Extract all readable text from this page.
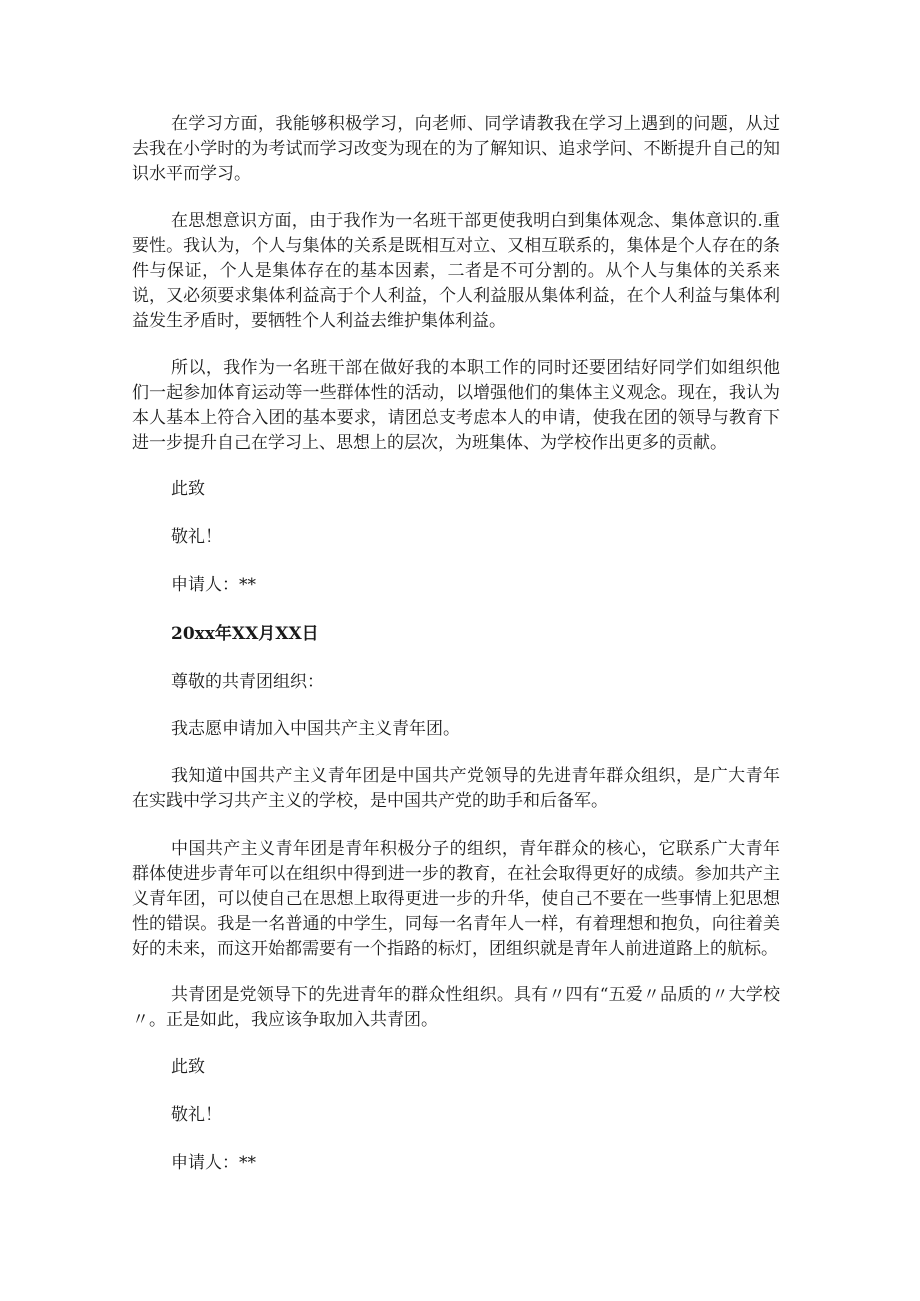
在学习方面，我能够积极学习，向老师、同学请教我在学习上遇到的问题，从过去我在小学时的为考试而学习改变为现在的为了解知识、追求学问、不断提升自己的知识水平而学习。

在思想意识方面，由于我作为一名班干部更使我明白到集体观念、集体意识的.重要性。我认为，个人与集体的关系是既相互对立、又相互联系的，集体是个人存在的条件与保证，个人是集体存在的基本因素，二者是不可分割的。从个人与集体的关系来说，又必须要求集体利益高于个人利益，个人利益服从集体利益，在个人利益与集体利益发生矛盾时，要牺牲个人利益去维护集体利益。

所以，我作为一名班干部在做好我的本职工作的同时还要团结好同学们如组织他们一起参加体育运动等一些群体性的活动，以增强他们的集体主义观念。现在，我认为本人基本上符合入团的基本要求，请团总支考虑本人的申请，使我在团的领导与教育下进一步提升自己在学习上、思想上的层次，为班集体、为学校作出更多的贡献。

此致

敬礼！

申请人：**

20xx年XX月XX日

尊敬的共青团组织：

我志愿申请加入中国共产主义青年团。

我知道中国共产主义青年团是中国共产党领导的先进青年群众组织，是广大青年在实践中学习共产主义的学校，是中国共产党的助手和后备军。

中国共产主义青年团是青年积极分子的组织，青年群众的核心，它联系广大青年群体使进步青年可以在组织中得到进一步的教育，在社会取得更好的成绩。参加共产主义青年团，可以使自己在思想上取得更进一步的升华，使自己不要在一些事情上犯思想性的错误。我是一名普通的中学生，同每一名青年人一样，有着理想和抱负，向往着美好的未来，而这开始都需要有一个指路的标灯，团组织就是青年人前进道路上的航标。

共青团是党领导下的先进青年的群众性组织。具有〃四有“五爱〃品质的〃大学校〃。正是如此，我应该争取加入共青团。

此致

敬礼！

申请人：**
